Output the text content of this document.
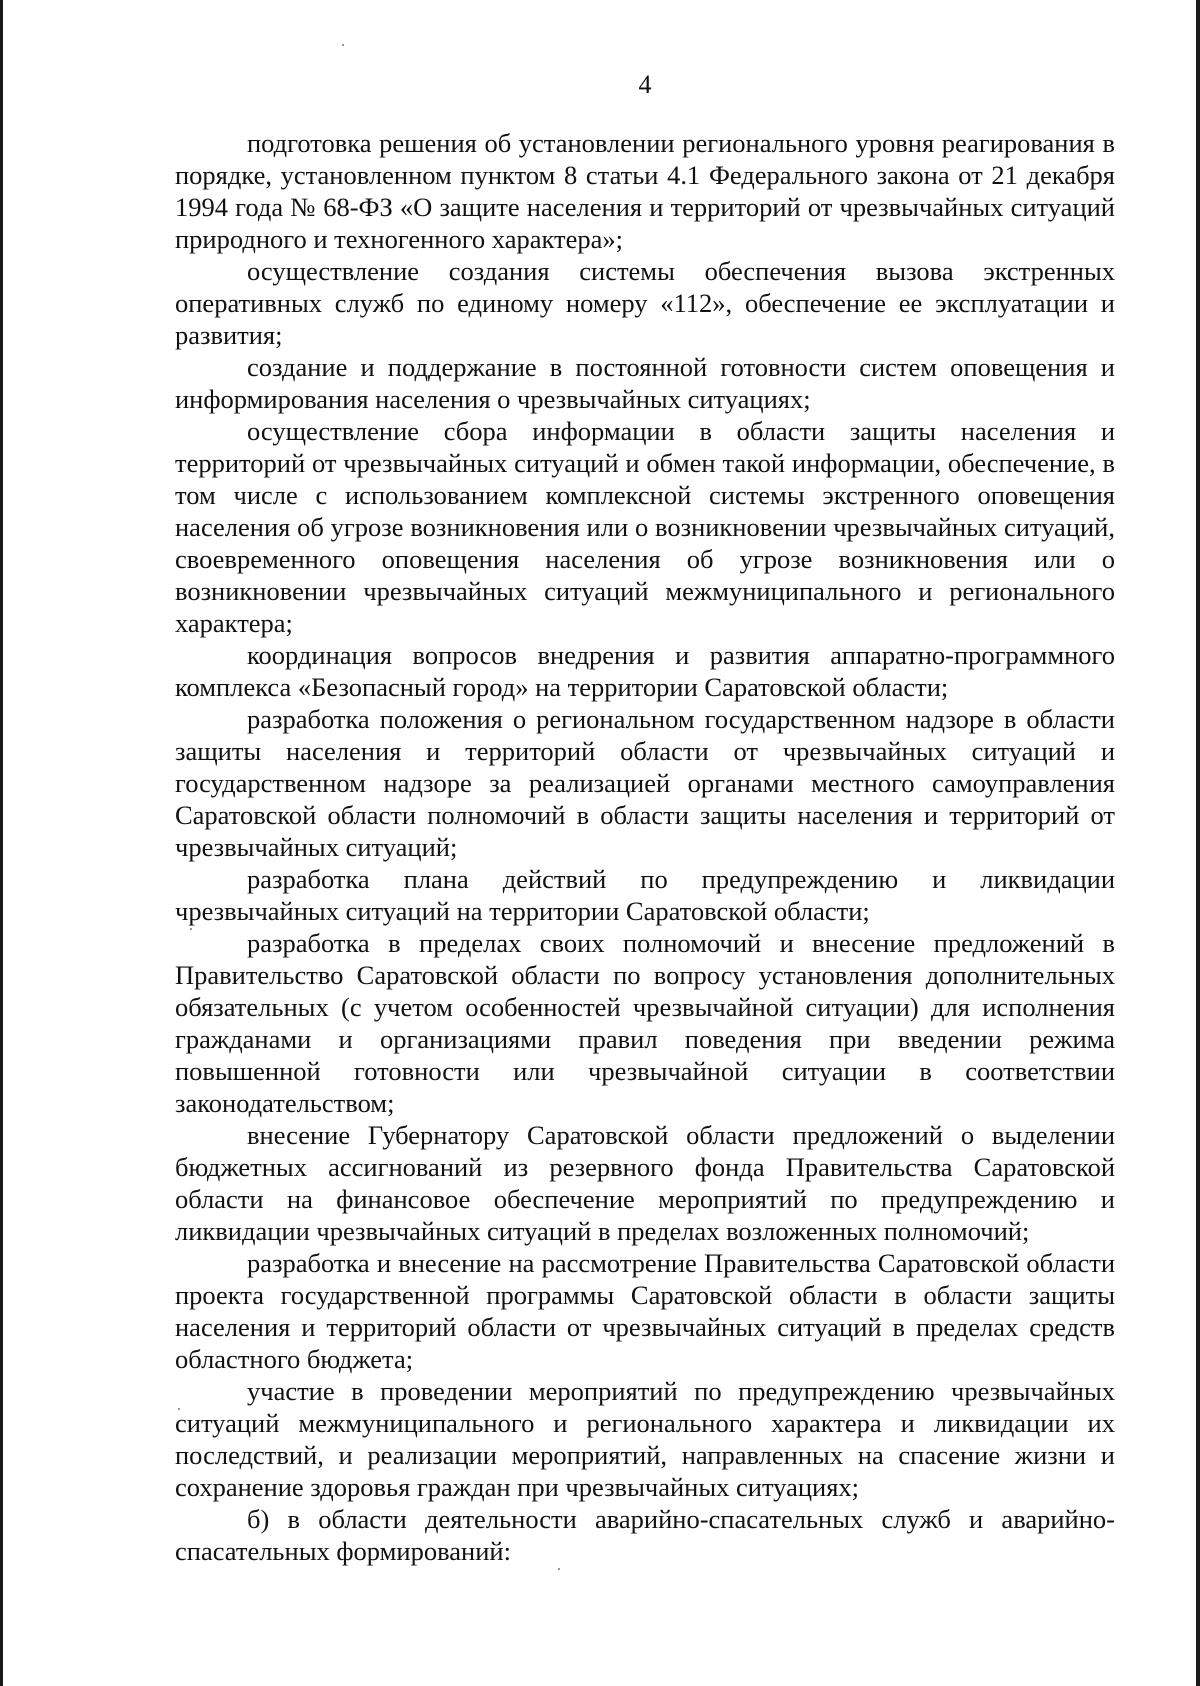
4

подготовка решения об установлении регионального уровня реагирования в порядке, установленном пунктом 8 статьи 4.1 Федерального закона от 21 декабря 1994 года № 68-ФЗ «О защите населения и территорий от чрезвычайных ситуаций природного и техногенного характера»;

осуществление создания системы обеспечения вызова экстренных оперативных служб по единому номеру «112», обеспечение ее эксплуатации и развития;

создание и поддержание в постоянной готовности систем оповещения и информирования населения о чрезвычайных ситуациях;

осуществление сбора информации в области защиты населения и территорий от чрезвычайных ситуаций и обмен такой информации, обеспечение, в том числе с использованием комплексной системы экстренного оповещения населения об угрозе возникновения или о возникновении чрезвычайных ситуаций, своевременного оповещения населения об угрозе возникновения или о возникновении чрезвычайных ситуаций межмуниципального и регионального характера;

координация вопросов внедрения и развития аппаратно-программного комплекса «Безопасный город» на территории Саратовской области;

разработка положения о региональном государственном надзоре в области защиты населения и территорий области от чрезвычайных ситуаций и государственном надзоре за реализацией органами местного самоуправления Саратовской области полномочий в области защиты населения и территорий от чрезвычайных ситуаций;

разработка плана действий по предупреждению и ликвидации чрезвычайных ситуаций на территории Саратовской области;

разработка в пределах своих полномочий и внесение предложений в Правительство Саратовской области по вопросу установления дополнительных обязательных (с учетом особенностей чрезвычайной ситуации) для исполнения гражданами и организациями правил поведения при введении режима повышенной готовности или чрезвычайной ситуации в соответствии законодательством;

внесение Губернатору Саратовской области предложений о выделении бюджетных ассигнований из резервного фонда Правительства Саратовской области на финансовое обеспечение мероприятий по предупреждению и ликвидации чрезвычайных ситуаций в пределах возложенных полномочий;

разработка и внесение на рассмотрение Правительства Саратовской области проекта государственной программы Саратовской области в области защиты населения и территорий области от чрезвычайных ситуаций в пределах средств областного бюджета;

участие в проведении мероприятий по предупреждению чрезвычайных ситуаций межмуниципального и регионального характера и ликвидации их последствий, и реализации мероприятий, направленных на спасение жизни и сохранение здоровья граждан при чрезвычайных ситуациях;

б) в области деятельности аварийно-спасательных служб и аварийно-спасательных формирований:
